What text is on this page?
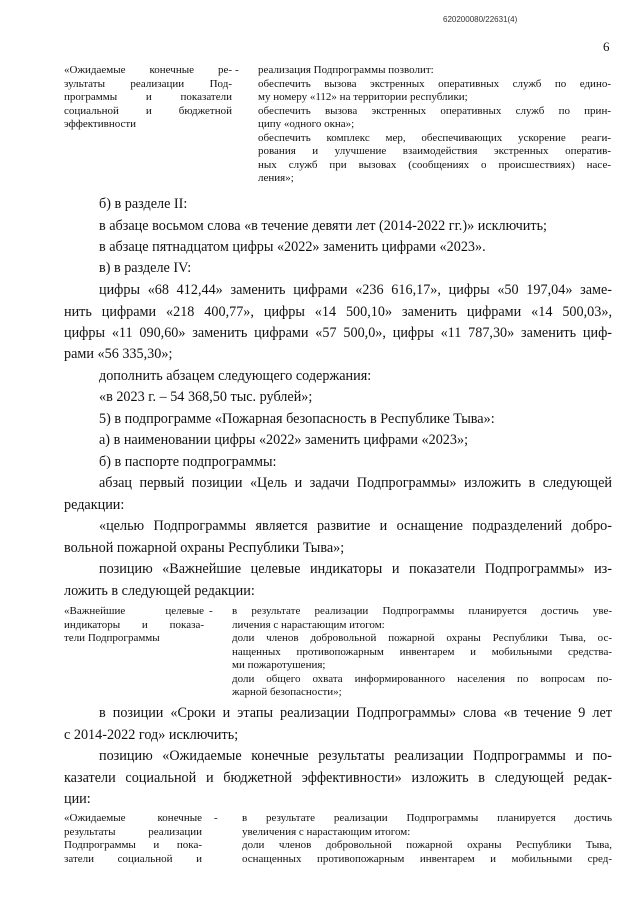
620200080/22631(4)
6

«Ожидаемые конечные ре-

зультаты реализации Под-

программы и показатели

социальной и бюджетной

эффективности

- реализация Подпрограммы позволит:

обеспечить вызова экстренных оперативных служб по едино-

му номеру «112» на территории республики;

обеспечить вызова экстренных оперативных служб по прин-

ципу «одного окна»;

обеспечить комплекс мер, обеспечивающих ускорение реаги-

рования и улучшение взаимодействия экстренных оператив-

ных служб при вызовах (сообщениях о происшествиях) насе-

ления»;

б) в разделе II:
в абзаце восьмом слова «в течение девяти лет (2014-2022 гг.)» исключить;
в абзаце пятнадцатом цифры «2022» заменить цифрами «2023».
в) в разделе IV:
цифры «68 412,44» заменить цифрами «236 616,17», цифры «50 197,04» заме-
нить цифрами «218 400,77», цифры «14 500,10» заменить цифрами «14 500,03»,
цифры «11 090,60» заменить цифрами «57 500,0», цифры «11 787,30» заменить циф-
рами «56 335,30»;
дополнить абзацем следующего содержания:
«в 2023 г. – 54 368,50 тыс. рублей»;
5) в подпрограмме «Пожарная безопасность в Республике Тыва»:
а) в наименовании цифры «2022» заменить цифрами «2023»;
б) в паспорте подпрограммы:
абзац первый позиции «Цель и задачи Подпрограммы» изложить в следующей
редакции:
«целью Подпрограммы является развитие и оснащение подразделений добро-
вольной пожарной охраны Республики Тыва»;
позицию «Важнейшие целевые индикаторы и показатели Подпрограммы» из-
ложить в следующей редакции:

«Важнейшие целевые

индикаторы и показа-

тели Подпрограммы

- в результате реализации Подпрограммы планируется достичь уве-

личения с нарастающим итогом:

доли членов добровольной пожарной охраны Республики Тыва, ос-

нащенных противопожарным инвентарем и мобильными средства-

ми пожаротушения;

доли общего охвата информированного населения по вопросам по-

жарной безопасности»;

в позиции «Сроки и этапы реализации Подпрограммы» слова «в течение 9 лет
с 2014-2022 год» исключить;
позицию «Ожидаемые конечные результаты реализации Подпрограммы и по-
казатели социальной и бюджетной эффективности» изложить в следующей редак-
ции:

«Ожидаемые конечные

результаты реализации

Подпрограммы и пока-

затели социальной и

- в результате реализации Подпрограммы планируется достичь

увеличения с нарастающим итогом:

доли членов добровольной пожарной охраны Республики Тыва,

оснащенных противопожарным инвентарем и мобильными сред-
